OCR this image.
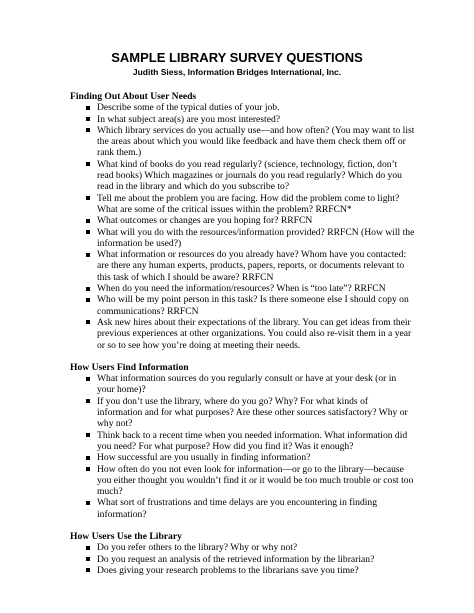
SAMPLE LIBRARY SURVEY QUESTIONS
Judith Siess, Information Bridges International, Inc.
Finding Out About User Needs
Describe some of the typical duties of your job.
In what subject area(s) are you most interested?
Which library services do you actually use—and how often? (You may want to list the areas about which you would like feedback and have them check them off or rank them.)
What kind of books do you read regularly? (science, technology, fiction, don’t read books) Which magazines or journals do you read regularly? Which do you read in the library and which do you subscribe to?
Tell me about the problem you are facing. How did the problem come to light? What are some of the critical issues within the problem? RRFCN*
What outcomes or changes are you hoping for? RRFCN
What will you do with the resources/information provided? RRFCN (How will the information be used?)
What information or resources do you already have? Whom have you contacted: are there any human experts, products, papers, reports, or documents relevant to this task of which I should be aware? RRFCN
When do you need the information/resources? When is “too late”? RRFCN
Who will be my point person in this task? Is there someone else I should copy on communications? RRFCN
Ask new hires about their expectations of the library. You can get ideas from their previous experiences at other organizations. You could also re-visit them in a year or so to see how you’re doing at meeting their needs.
How Users Find Information
What information sources do you regularly consult or have at your desk (or in your home)?
If you don’t use the library, where do you go? Why? For what kinds of information and for what purposes? Are these other sources satisfactory? Why or why not?
Think back to a recent time when you needed information. What information did you need? For what purpose? How did you find it? Was it enough?
How successful are you usually in finding information?
How often do you not even look for information—or go to the library—because you either thought you wouldn’t find it or it would be too much trouble or cost too much?
What sort of frustrations and time delays are you encountering in finding information?
How Users Use the Library
Do you refer others to the library? Why or why not?
Do you request an analysis of the retrieved information by the librarian?
Does giving your research problems to the librarians save you time?
